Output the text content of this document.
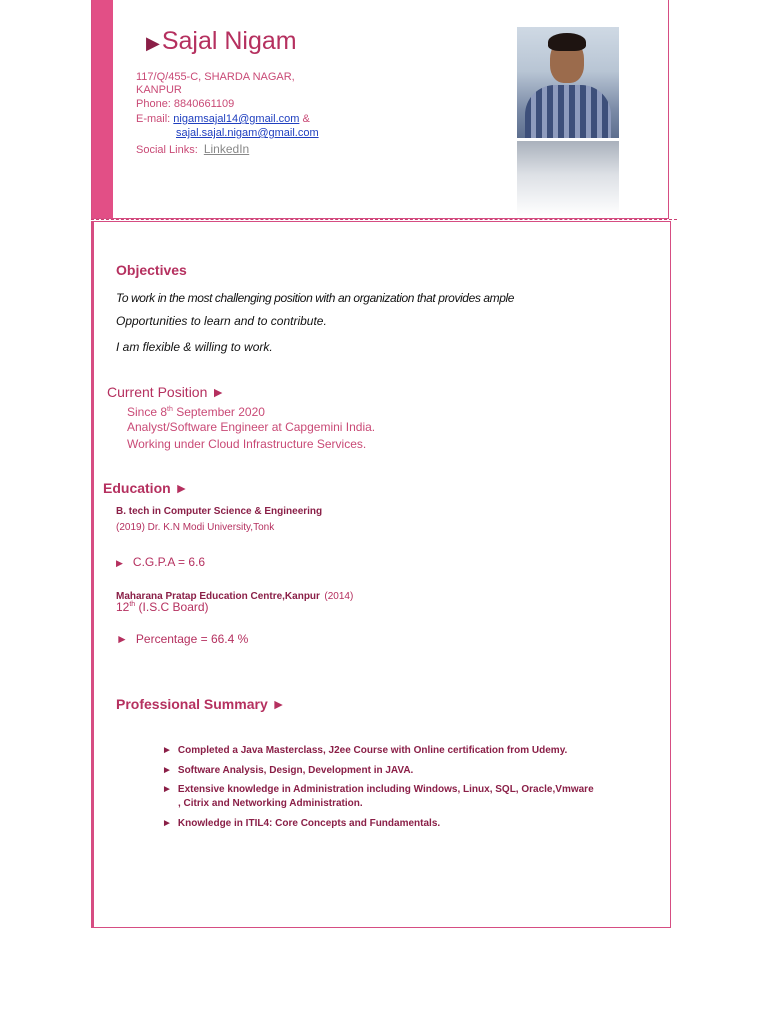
▶Sajal Nigam
117/Q/455-C, SHARDA NAGAR,
KANPUR
Phone: 8840661109
E-mail: nigamsajal14@gmail.com &
sajal.sajal.nigam@gmail.com
Social Links: LinkedIn
Objectives
To work in the most challenging position with an organization that provides ample
Opportunities to learn and to contribute.
I am flexible & willing to work.
Current Position ►
Since 8th September 2020
Analyst/Software Engineer at Capgemini India.
Working under Cloud Infrastructure Services.
Education ►
B. tech in Computer Science & Engineering
(2019) Dr. K.N Modi University,Tonk
▶ C.G.P.A = 6.6
Maharana Pratap Education Centre,Kanpur (2014)
12th (I.S.C Board)
► Percentage = 66.4 %
Professional Summary ►
► Completed a Java Masterclass, J2ee Course with Online certification from Udemy.
► Software Analysis, Design, Development in JAVA.
► Extensive knowledge in Administration including Windows, Linux, SQL, Oracle,Vmware
, Citrix and Networking Administration.
► Knowledge in ITIL4: Core Concepts and Fundamentals.
